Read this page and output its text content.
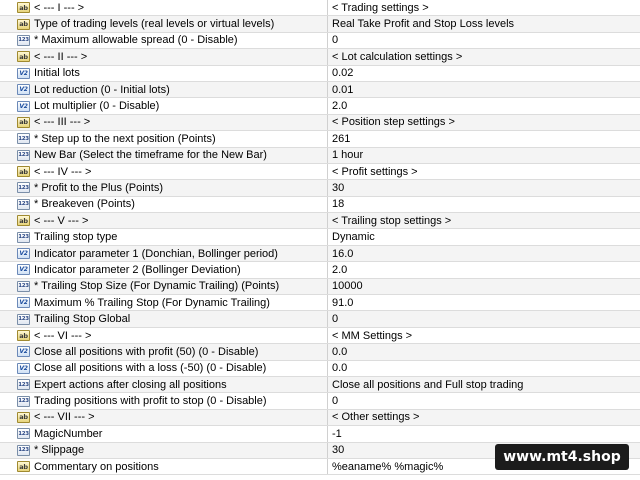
ab < --- I --- >	< Trading settings >
ab Type of trading levels (real levels or virtual levels)	Real Take Profit and Stop Loss levels
123 * Maximum allowable spread (0 - Disable)	0
ab < --- II --- >	< Lot calculation settings >
V2 Initial lots	0.02
V2 Lot reduction (0 - Initial lots)	0.01
V2 Lot multiplier (0 - Disable)	2.0
ab < --- III --- >	< Position step settings >
123 * Step up to the next position (Points)	261
123 New Bar (Select the timeframe for the New Bar)	1 hour
ab < --- IV --- >	< Profit settings >
123 * Profit to the Plus (Points)	30
123 * Breakeven (Points)	18
ab < --- V --- >	< Trailing stop settings >
123 Trailing stop type	Dynamic
V2 Indicator parameter 1 (Donchian, Bollinger period)	16.0
V2 Indicator parameter 2 (Bollinger Deviation)	2.0
123 * Trailing Stop Size (For Dynamic Trailing) (Points)	10000
V2 Maximum % Trailing Stop (For Dynamic Trailing)	91.0
123 Trailing Stop Global	0
ab < --- VI --- >	< MM Settings >
V2 Close all positions with profit (50) (0 - Disable)	0.0
V2 Close all positions with a loss (-50) (0 - Disable)	0.0
123 Expert actions after closing all positions	Close all positions and Full stop trading
123 Trading positions with profit to stop (0 - Disable)	0
ab < --- VII --- >	< Other settings >
123 MagicNumber	-1
123 * Slippage	30
ab Commentary on positions	%eaname% %magic%
www.mt4.shop
